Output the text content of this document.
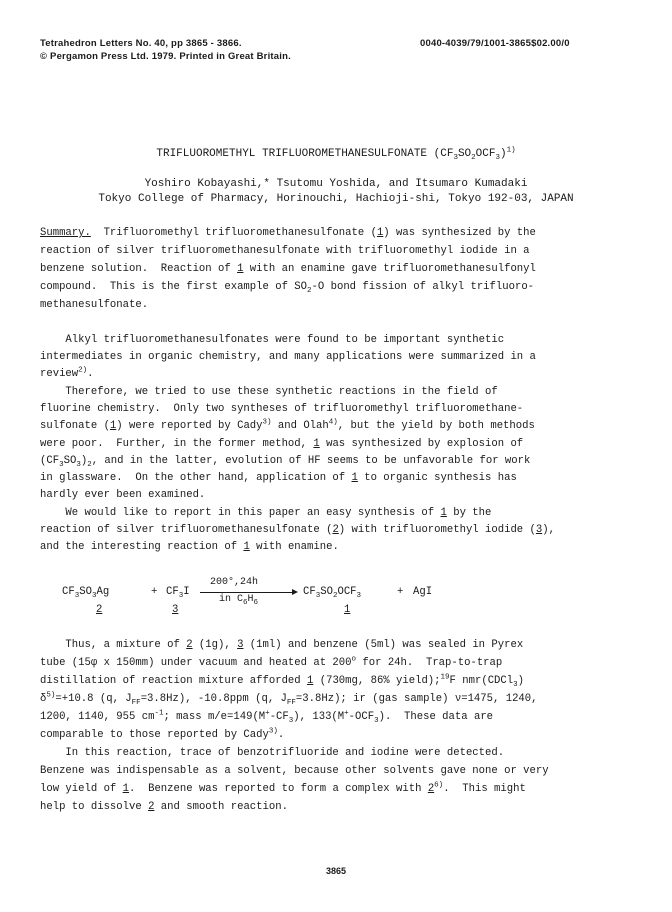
Tetrahedron Letters No. 40, pp 3865 - 3866.
© Pergamon Press Ltd. 1979. Printed in Great Britain.
0040-4039/79/1001-3865$02.00/0
TRIFLUOROMETHYL TRIFLUOROMETHANESULFONATE $(CF_3SO_2OCF_3)^{1)}$
Yoshiro Kobayashi,* Tsutomu Yoshida, and Itsumaro Kumadaki
Tokyo College of Pharmacy, Horinouchi, Hachioji-shi, Tokyo 192-03, JAPAN
Summary.  Trifluoromethyl trifluoromethanesulfonate (1) was synthesized by the
reaction of silver trifluoromethanesulfonate with trifluoromethyl iodide in a
benzene solution.  Reaction of 1 with an enamine gave trifluoromethanesulfonyl
compound.  This is the first example of $SO_2-O$ bond fission of alkyl trifluoro-
methanesulfonate.
Alkyl trifluoromethanesulfonates were found to be important synthetic
intermediates in organic chemistry, and many applications were summarized in a
review$^{2)}$.
Therefore, we tried to use these synthetic reactions in the field of
fluorine chemistry.  Only two syntheses of trifluoromethyl trifluoromethane-
sulfonate (1) were reported by Cady$^{3)}$ and Olah$^{4)}$, but the yield by both methods
were poor.  Further, in the former method, 1 was synthesized by explosion of
$(CF_3SO_3)_2$, and in the latter, evolution of HF seems to be unfavorable for work
in glassware.  On the other hand, application of 1 to organic synthesis has
hardly ever been examined.
We would like to report in this paper an easy synthesis of 1 by the
reaction of silver trifluoromethanesulfonate (2) with trifluoromethyl iodide (3),
and the interesting reaction of 1 with enamine.
$CF_3SO_3Ag$	+ $CF_3I$
200°,24h
in $C_6H_6$
$CF_3SO_2OCF_3$	+ AgI
2	3	1
Thus, a mixture of 2 (1g), 3 (1ml) and benzene (5ml) was sealed in Pyrex
tube (15φ x 150mm) under vacuum and heated at 200$^o$ for 24h.  Trap-to-trap
distillation of reaction mixture afforded 1 (730mg, 86% yield);$^{19}$F nmr(CDCl$_3$)
$\delta^{5)}=+10.8$ (q, $J_{FF}=3.8Hz$), -10.8ppm (q, $J_{FF}=3.8Hz$); ir (gas sample) ν=1475, 1240,
1200, 1140, 955 $cm^{-1}$; mass $m/e=149(M^+-CF_3)$, $133(M^+-OCF_3)$.  These data are
comparable to those reported by Cady$^{3)}$.
In this reaction, trace of benzotrifluoride and iodine were detected.
Benzene was indispensable as a solvent, because other solvents gave none or very
low yield of 1.  Benzene was reported to form a complex with 2$^{6)}$.  This might
help to dissolve 2 and smooth reaction.
3865
